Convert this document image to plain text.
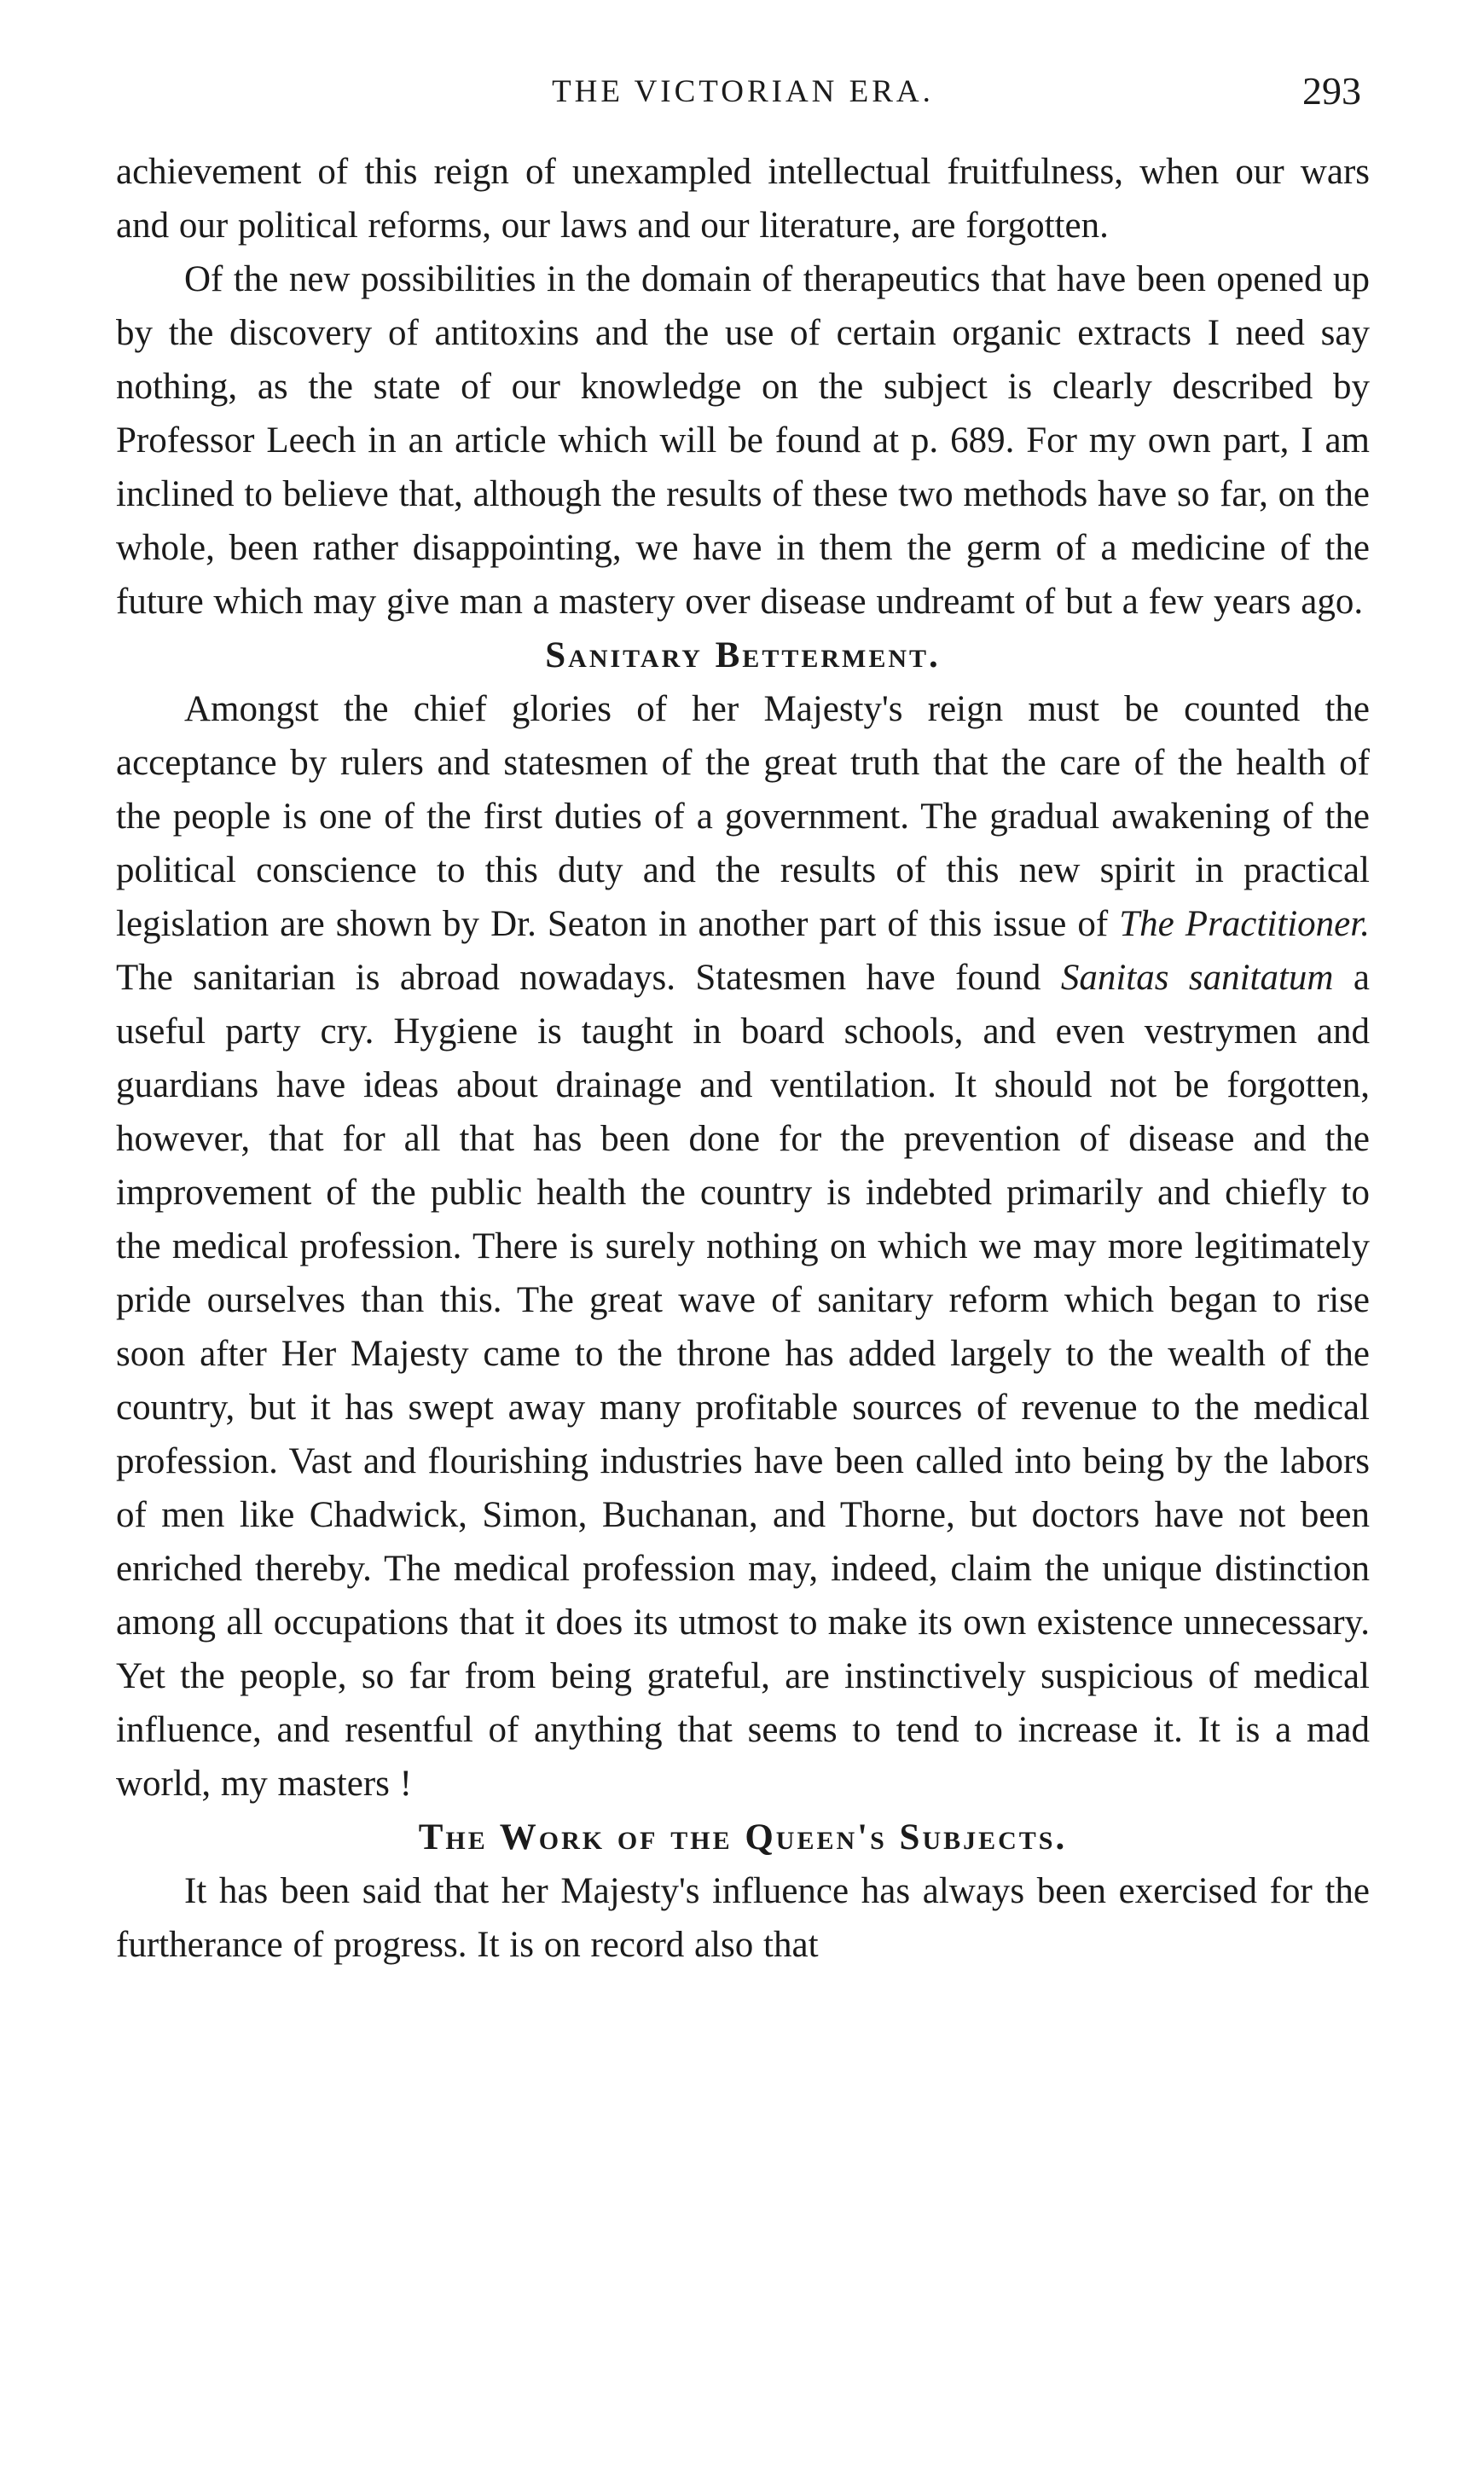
THE VICTORIAN ERA.	293

achievement of this reign of unexampled intellectual fruitfulness, when our wars and our political reforms, our laws and our literature, are forgotten.

Of the new possibilities in the domain of therapeutics that have been opened up by the discovery of antitoxins and the use of certain organic extracts I need say nothing, as the state of our knowledge on the subject is clearly described by Professor Leech in an article which will be found at p. 689. For my own part, I am inclined to believe that, although the results of these two methods have so far, on the whole, been rather disappointing, we have in them the germ of a medicine of the future which may give man a mastery over disease undreamt of but a few years ago.

Sanitary Betterment.

Amongst the chief glories of her Majesty's reign must be counted the acceptance by rulers and statesmen of the great truth that the care of the health of the people is one of the first duties of a government. The gradual awakening of the political conscience to this duty and the results of this new spirit in practical legislation are shown by Dr. Seaton in another part of this issue of The Practitioner. The sanitarian is abroad nowadays. Statesmen have found Sanitas sanitatum a useful party cry. Hygiene is taught in board schools, and even vestrymen and guardians have ideas about drainage and ventilation. It should not be forgotten, however, that for all that has been done for the prevention of disease and the improvement of the public health the country is indebted primarily and chiefly to the medical profession. There is surely nothing on which we may more legitimately pride ourselves than this. The great wave of sanitary reform which began to rise soon after Her Majesty came to the throne has added largely to the wealth of the country, but it has swept away many profitable sources of revenue to the medical profession. Vast and flourishing industries have been called into being by the labors of men like Chadwick, Simon, Buchanan, and Thorne, but doctors have not been enriched thereby. The medical profession may, indeed, claim the unique distinction among all occupations that it does its utmost to make its own existence unnecessary. Yet the people, so far from being grateful, are instinctively suspicious of medical influence, and resentful of anything that seems to tend to increase it. It is a mad world, my masters !

The Work of the Queen's Subjects.

It has been said that her Majesty's influence has always been exercised for the furtherance of progress. It is on record also that
